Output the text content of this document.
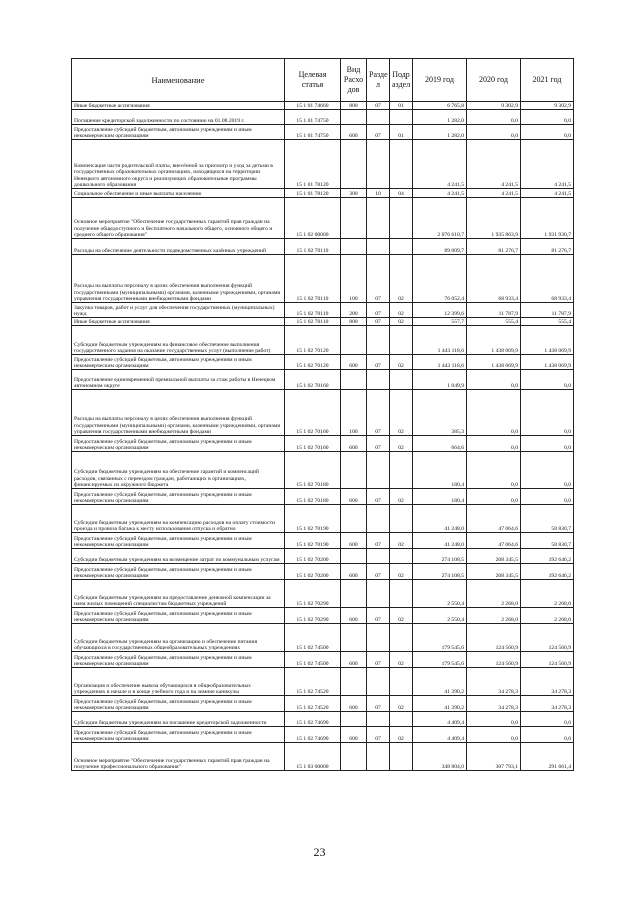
Наименование	Целевая статья	Вид Расхо дов	Разде л	Подр аздел	2019 год	2020 год	2021 год
Иные бюджетные ассигнования	15 1 01 74660	800	07	01	6 765,8	9 302,9	9 302,9
Погашение кредиторской задолженности по состоянию на 01.08.2019 г.	15 1 01 74750				1 282,0	0,0	0,0
Предоставление субсидий бюджетным, автономным учреждениям и иным некоммерческим организациям	15 1 01 74750	600	07	01	1 282,0	0,0	0,0
Компенсация части родительской платы, внесённой за присмотр и уход за детьми в государственных образовательных организациях, находящихся на территории Ненецкого автономного округа и реализующих образовательные программы дошкольного образования	15 1 01 78120				4 241,5	4 241,5	4 241,5
Социальное обеспечение и иные выплаты населению	15 1 01 78120	300	10	04	4 241,5	4 241,5	4 241,5
Основное мероприятие "Обеспечение государственных гарантий прав граждан на получение общедоступного и бесплатного начального общего, основного общего и среднего общего образования"	15 1 02 00000				2 076 610,7	1 935 863,9	1 931 930,7
Расходы на обеспечение деятельности подведомственных казённых учреждений	15 1 02 70110				89 009,7	81 276,7	81 276,7
Расходы на выплаты персоналу в целях обеспечения выполнения функций государственными (муниципальными) органами, казенными учреждениями, органами управления государственными внебюджетными фондами	15 1 02 70110	100	07	02	76 052,4	68 933,4	68 933,4
Закупка товаров, работ и услуг для обеспечения государственных (муниципальных) нужд	15 1 02 70110	200	07	02	12 399,6	11 787,9	11 787,9
Иные бюджетные ассигнования	15 1 02 70110	800	07	02	557,7	555,4	555,4
Субсидии бюджетным учреждениям на финансовое обеспечение выполнения государственного задания на оказание государственных услуг (выполнение работ)	15 1 02 70120				1 443 118,6	1 438 069,9	1 438 069,9
Предоставление субсидий бюджетным, автономным учреждениям и иным некоммерческим организациям	15 1 02 70120	600	07	02	1 443 118,6	1 438 069,9	1 438 069,9
Предоставление единовременной премиальной выплаты за стаж работы в Ненецком автономном округе	15 1 02 70160				1 049,9	0,0	0,0
Расходы на выплаты персоналу в целях обеспечения выполнения функций государственными (муниципальными) органами, казенными учреждениями, органами управления государственными внебюджетными фондами	15 1 02 70160	100	07	02	385,3	0,0	0,0
Предоставление субсидий бюджетным, автономным учреждениям и иным некоммерческим организациям	15 1 02 70160	600	07	02	664,6	0,0	0,0
Субсидии бюджетным учреждениям на обеспечение гарантий и компенсаций расходов, связанных с переездом граждан, работающих в организациях, финансируемых из окружного бюджета	15 1 02 70180				180,4	0,0	0,0
Предоставление субсидий бюджетным, автономным учреждениям и иным некоммерческим организациям	15 1 02 70180	600	07	02	180,4	0,0	0,0
Субсидии бюджетным учреждениям на компенсацию расходов на оплату стоимости проезда и провоза багажа к месту использования отпуска и обратно	15 1 02 70190				41 248,0	47 064,6	58 830,7
Предоставление субсидий бюджетным, автономным учреждениям и иным некоммерческим организациям	15 1 02 70190	600	07	02	41 248,0	47 064,6	58 830,7
Субсидии бюджетным учреждениям на возмещение затрат по коммунальным услугам	15 1 02 70200				274 108,5	208 345,5	192 646,2
Предоставление субсидий бюджетным, автономным учреждениям и иным некоммерческим организациям	15 1 02 70200	600	07	02	274 108,5	208 345,5	192 646,2
Субсидии бюджетным учреждениям на предоставление денежной компенсации за наем жилых помещений специалистам бюджетных учреждений	15 1 02 70290				2 550,4	2 268,0	2 268,0
Предоставление субсидий бюджетным, автономным учреждениям и иным некоммерческим организациям	15 1 02 70290	600	07	02	2 550,4	2 268,0	2 268,0
Субсидии бюджетным учреждениям на организацию и обеспечение питания обучающихся в государственных общеобразовательных учреждениях	15 1 02 74500				179 545,6	124 560,9	124 560,9
Предоставление субсидий бюджетным, автономным учреждениям и иным некоммерческим организациям	15 1 02 74500	600	07	02	179 545,6	124 560,9	124 560,9
Организация и обеспечение вывоза обучающихся в общеобразовательных учреждениях в начале и в конце учебного года и на зимние каникулы	15 1 02 74520				41 390,2	34 278,3	34 278,3
Предоставление субсидий бюджетным, автономным учреждениям и иным некоммерческим организациям	15 1 02 74520	600	07	02	41 390,2	34 278,3	34 278,3
Субсидии бюджетным учреждениям на погашение кредиторской задолженности	15 1 02 74690				4 409,4	0,0	0,0
Предоставление субсидий бюджетным, автономным учреждениям и иным некоммерческим организациям	15 1 02 74690	600	07	02	4 409,4	0,0	0,0
Основное мероприятие "Обеспечение государственных гарантий прав граждан на получение профессионального образования"	15 1 03 00000				348 804,0	307 793,1	291 661,4
23
